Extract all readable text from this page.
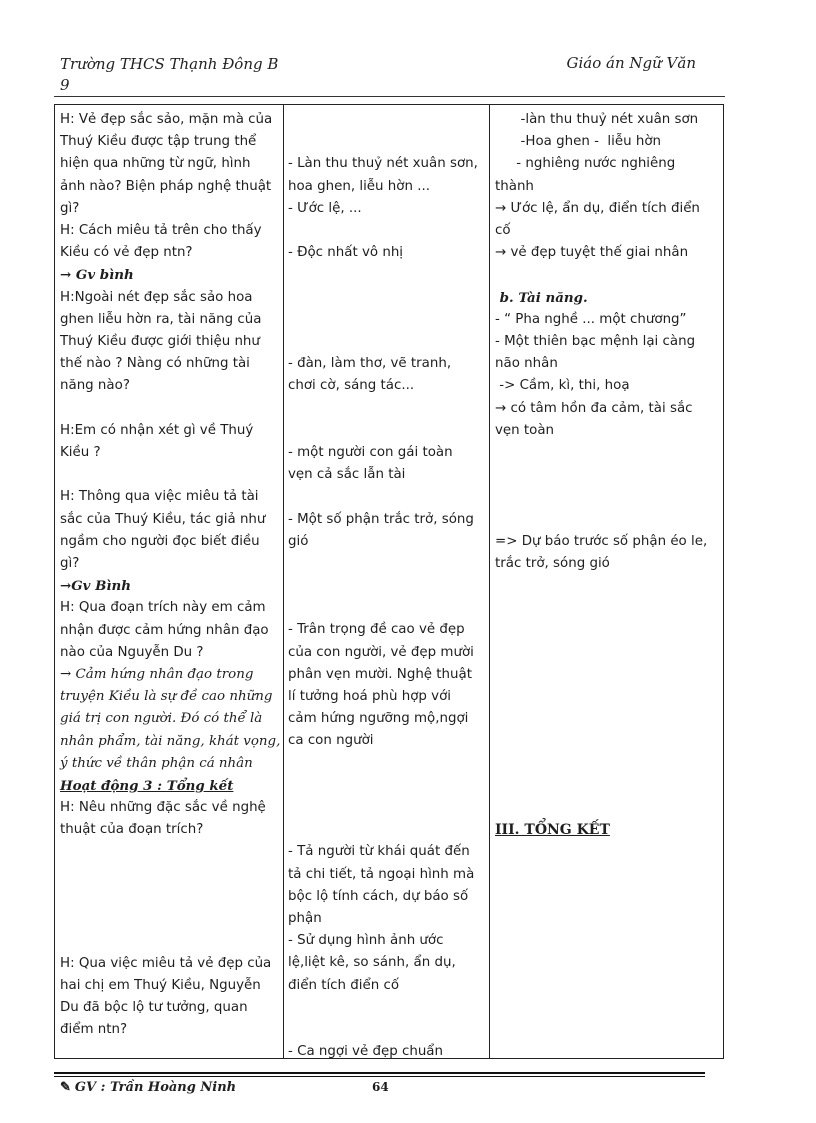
Trường THCS Thạnh Đông B
9
Giáo án Ngữ Văn
H: Vẻ đẹp sắc sảo, mặn mà của
Thuý Kiều được tập trung thể
hiện qua những từ ngữ, hình
ảnh nào? Biện pháp nghệ thuật
gì?
H: Cách miêu tả trên cho thấy
Kiều có vẻ đẹp ntn?
→ Gv bình
H:Ngoài nét đẹp sắc sảo hoa
ghen liễu hờn ra, tài năng của
Thuý Kiều được giới thiệu như
thế nào ? Nàng có những tài
năng nào?
H:Em có nhận xét gì về Thuý
Kiều ?
H: Thông qua việc miêu tả tài
sắc của Thuý Kiều, tác giả như
ngầm cho người đọc biết điều
gì?
→Gv Bình
H: Qua đoạn trích này em cảm
nhận được cảm hứng nhân đạo
nào của Nguyễn Du ?
→ Cảm hứng nhân đạo trong
truyện Kiều là sự đề cao những
giá trị con người. Đó có thể là
nhân phẩm, tài năng, khát vọng,
ý thức về thân phận cá nhân
Hoạt động 3 : Tổng kết
H: Nêu những đặc sắc về nghệ
thuật của đoạn trích?
H: Qua việc miêu tả vẻ đẹp của
hai chị em Thuý Kiều, Nguyễn
Du đã bộc lộ tư tưởng, quan
điểm ntn?
- Làn thu thuỷ nét xuân sơn,
hoa ghen, liễu hờn ...
- Ước lệ, ...
- Độc nhất vô nhị
- đàn, làm thơ, vẽ tranh,
chơi cờ, sáng tác...
- một người con gái toàn
vẹn cả sắc lẫn tài
- Một số phận trắc trở, sóng
gió
- Trân trọng đề cao vẻ đẹp
của con người, vẻ đẹp mười
phân vẹn mười. Nghệ thuật
lí tưởng hoá phù hợp với
cảm hứng ngưỡng mộ,ngợi
ca con người
- Tả người từ khái quát đến
tả chi tiết, tả ngoại hình mà
bộc lộ tính cách, dự báo số
phận
- Sử dụng hình ảnh ước
lệ,liệt kê, so sánh, ẩn dụ,
điển tích điển cố
- Ca ngợi vẻ đẹp chuẩn
-làn thu thuỷ nét xuân sơn
-Hoa ghen -  liễu hờn
- nghiêng nước nghiêng
thành
→ Ước lệ, ẩn dụ, điển tích điển
cố
→ vẻ đẹp tuyệt thế giai nhân
b. Tài năng.
- “ Pha nghề ... một chương”
- Một thiên bạc mệnh lại càng
não nhân
-> Cầm, kì, thi, hoạ
→ có tâm hồn đa cảm, tài sắc
vẹn toàn
=> Dự báo trước số phận éo le,
trắc trở, sóng gió
III. TỔNG KẾT
✎ GV : Trần Hoàng Ninh	64
